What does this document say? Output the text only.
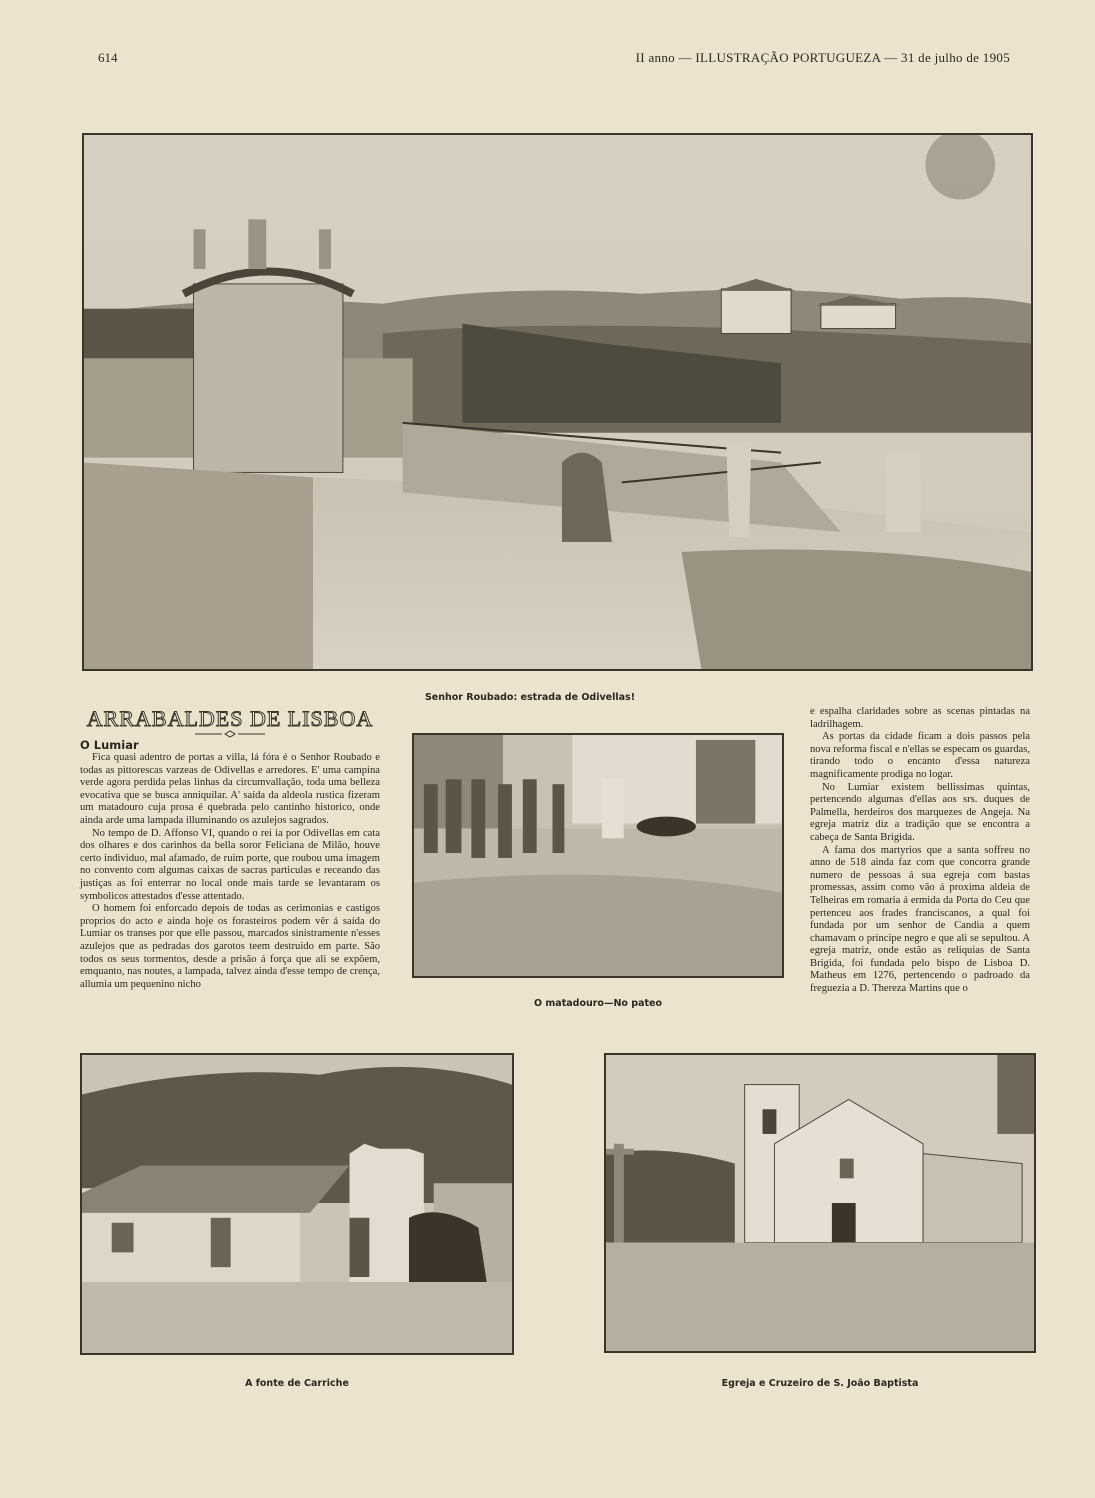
614	II anno — ILLUSTRAÇÃO PORTUGUEZA — 31 de julho de 1905
Senhor Roubado: estrada de Odivellas!
ARRABALDES DE LISBOA
O Lumiar

Fica quasi adentro de portas a villa, lá fóra é o Senhor Roubado e todas as pittorescas varzeas de Odivellas e arredores. E' uma campina verde agora perdida pelas linhas da circumvallação, toda uma belleza evocativa que se busca anniquilar. A' saída da aldeola rustica fizeram um matadouro cuja prosa é quebrada pelo cantinho historico, onde ainda arde uma lampada illuminando os azulejos sagrados.

No tempo de D. Affonso VI, quando o rei ia por Odivellas em cata dos olhares e dos carinhos da bella soror Feliciana de Milão, houve certo individuo, mal afamado, de ruim porte, que roubou uma imagem no convento com algumas caixas de sacras particulas e receando das justiças as foi enterrar no local onde mais tarde se levantaram os symbolicos attestados d'esse attentado.

O homem foi enforcado depois de todas as cerimonias e castigos proprios do acto e ainda hoje os forasteiros podem vêr á saída do Lumiar os transes por que elle passou, marcados sinistramente n'esses azulejos que as pedradas dos garotos teem destruido em parte. São todos os seus tormentos, desde a prisão á força que ali se expõem, emquanto, nas noutes, a lampada, talvez ainda d'esse tempo de crença, allumia um pequenino nicho

O matadouro—No pateo

e espalha claridades sobre as scenas pintadas na ladrilhagem.

As portas da cidade ficam a dois passos pela nova reforma fiscal e n'ellas se especam os guardas, tirando todo o encanto d'essa natureza magnificamente prodiga no logar.

No Lumiar existem bellissimas quintas, pertencendo algumas d'ellas aos srs. duques de Palmella, herdeiros dos marquezes de Angeja. Na egreja matriz diz a tradição que se encontra a cabeça de Santa Brigida.

A fama dos martyrios que a santa soffreu no anno de 518 ainda faz com que concorra grande numero de pessoas á sua egreja com bastas promessas, assim como vão á proxima aldeia de Telheiras em romaria á ermida da Porta do Ceu que pertenceu aos frades franciscanos, a qual foi fundada por um senhor de Candia a quem chamavam o principe negro e que ali se sepultou. A egreja matriz, onde estão as reliquias de Santa Brigida, foi fundada pelo bispo de Lisboa D. Matheus em 1276, pertencendo o padroado da freguezia a D. Thereza Martins que o

A fonte de Carriche	Egreja e Cruzeiro de S. João Baptista
